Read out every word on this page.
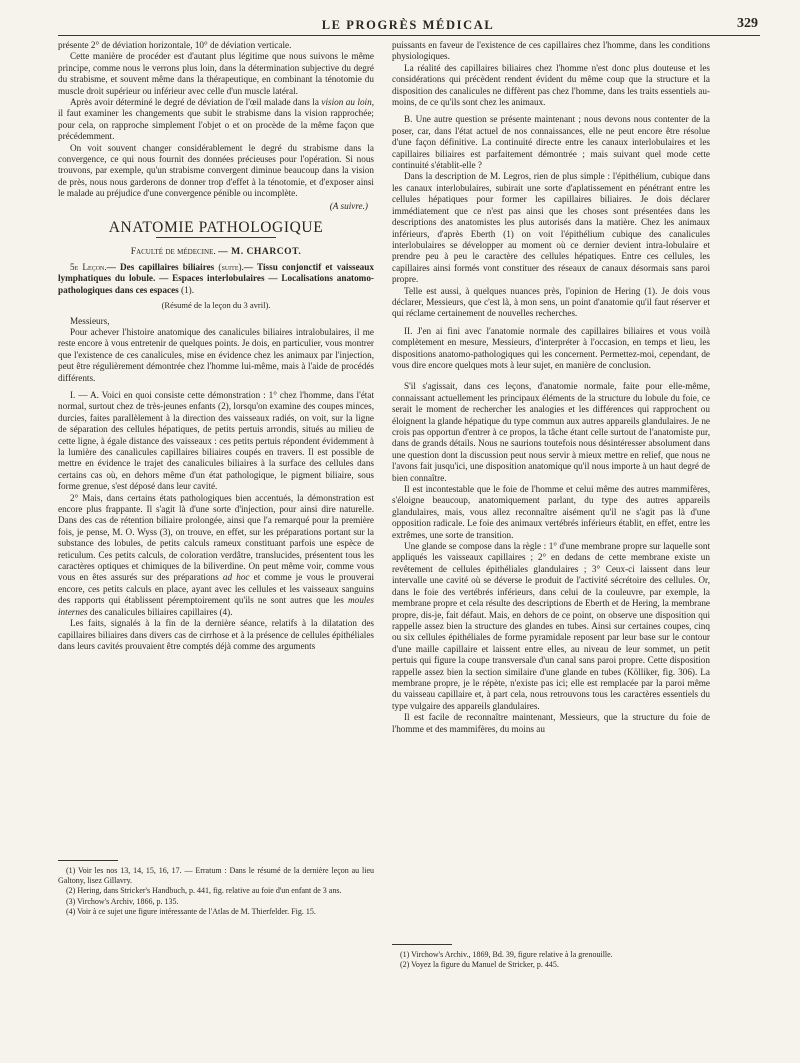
LE PROGRÈS MÉDICAL	329

présente 2° de déviation horizontale, 10° de déviation verticale.

Cette manière de procéder est d'autant plus légitime que nous suivons le même principe, comme nous le verrons plus loin, dans la détermination subjective du degré du strabisme, et souvent même dans la thérapeutique, en combinant la ténotomie du muscle droit supérieur ou inférieur avec celle d'un muscle latéral.

Après avoir déterminé le degré de déviation de l'œil malade dans la vision au loin, il faut examiner les changements que subit le strabisme dans la vision rapprochée; pour cela, on rapproche simplement l'objet o et on procède de la même façon que précédemment.

On voit souvent changer considérablement le degré du strabisme dans la convergence, ce qui nous fournit des données précieuses pour l'opération. Si nous trouvons, par exemple, qu'un strabisme convergent diminue beaucoup dans la vision de près, nous nous garderons de donner trop d'effet à la ténotomie, et d'exposer ainsi le malade au préjudice d'une convergence pénible ou incomplète.

(A suivre.)
ANATOMIE PATHOLOGIQUE
Faculté de médecine. — M. CHARCOT.

5e Leçon.— Des capillaires biliaires (suite).— Tissu conjonctif et vaisseaux lymphatiques du lobule. — Espaces interlobulaires — Localisations anatomo-pathologiques dans ces espaces (1).

(Résumé de la leçon du 3 avril).

Messieurs,

Pour achever l'histoire anatomique des canalicules biliaires intralobulaires, il me reste encore à vous entretenir de quelques points. Je dois, en particulier, vous montrer que l'existence de ces canalicules, mise en évidence chez les animaux par l'injection, peut être régulièrement démontrée chez l'homme lui-même, mais à l'aide de procédés différents.

I. — A. Voici en quoi consiste cette démonstration : 1° chez l'homme, dans l'état normal, surtout chez de très-jeunes enfants (2), lorsqu'on examine des coupes minces, durcies, faites parallèlement à la direction des vaisseaux radiés, on voit, sur la ligne de séparation des cellules hépatiques, de petits pertuis arrondis, situés au milieu de cette ligne, à égale distance des vaisseaux : ces petits pertuis répondent évidemment à la lumière des canalicules capillaires biliaires coupés en travers. Il est possible de mettre en évidence le trajet des canalicules biliaires à la surface des cellules dans certains cas où, en dehors même d'un état pathologique, le pigment biliaire, sous forme grenue, s'est déposé dans leur cavité.

2° Mais, dans certains états pathologiques bien accentués, la démonstration est encore plus frappante. Il s'agit là d'une sorte d'injection, pour ainsi dire naturelle. Dans des cas de rétention biliaire prolongée, ainsi que l'a remarqué pour la première fois, je pense, M. O. Wyss (3), on trouve, en effet, sur les préparations portant sur la substance des lobules, de petits calculs rameux constituant parfois une espèce de reticulum. Ces petits calculs, de coloration verdâtre, translucides, présentent tous les caractères optiques et chimiques de la biliverdine. On peut même voir, comme vous vous en êtes assurés sur des préparations ad hoc et comme je vous le prouverai encore, ces petits calculs en place, ayant avec les cellules et les vaisseaux sanguins des rapports qui établissent péremptoirement qu'ils ne sont autres que les moules internes des canalicules biliaires capillaires (4).

Les faits, signalés à la fin de la dernière séance, relatifs à la dilatation des capillaires biliaires dans divers cas de cirrhose et à la présence de cellules épithéliales dans leurs cavités prouvaient être comptés déjà comme des arguments

(1) Voir les nos 13, 14, 15, 16, 17. — Erratum : Dans le résumé de la dernière leçon au lieu Galtony, lisez Gillavry.

(2) Hering, dans Stricker's Handbuch, p. 441, fig. relative au foie d'un enfant de 3 ans.

(3) Virchow's Archiv, 1866, p. 135.

(4) Voir à ce sujet une figure intéressante de l'Atlas de M. Thierfelder. Fig. 15.

puissants en faveur de l'existence de ces capillaires chez l'homme, dans les conditions physiologiques.

La réalité des capillaires biliaires chez l'homme n'est donc plus douteuse et les considérations qui précèdent rendent évident du même coup que la structure et la disposition des canalicules ne diffèrent pas chez l'homme, dans les traits essentiels au-moins, de ce qu'ils sont chez les animaux.

B. Une autre question se présente maintenant ; nous devons nous contenter de la poser, car, dans l'état actuel de nos connaissances, elle ne peut encore être résolue d'une façon définitive. La continuité directe entre les canaux interlobulaires et les capillaires biliaires est parfaitement démontrée ; mais suivant quel mode cette continuité s'établit-elle ?

Dans la description de M. Legros, rien de plus simple : l'épithélium, cubique dans les canaux interlobulaires, subirait une sorte d'aplatissement en pénétrant entre les cellules hépatiques pour former les capillaires biliaires. Je dois déclarer immédiatement que ce n'est pas ainsi que les choses sont présentées dans les descriptions des anatomistes les plus autorisés dans la matière. Chez les animaux inférieurs, d'après Eberth (1) on voit l'épithélium cubique des canalicules interlobulaires se développer au moment où ce dernier devient intra-lobulaire et prendre peu à peu le caractère des cellules hépatiques. Entre ces cellules, les capillaires ainsi formés vont constituer des réseaux de canaux désormais sans paroi propre.

Telle est aussi, à quelques nuances près, l'opinion de Hering (1). Je dois vous déclarer, Messieurs, que c'est là, à mon sens, un point d'anatomie qu'il faut réserver et qui réclame certainement de nouvelles recherches.

II. J'en ai fini avec l'anatomie normale des capillaires biliaires et vous voilà complètement en mesure, Messieurs, d'interpréter à l'occasion, en temps et lieu, les dispositions anatomo-pathologiques qui les concernent. Permettez-moi, cependant, de vous dire encore quelques mots à leur sujet, en manière de conclusion.

S'il s'agissait, dans ces leçons, d'anatomie normale, faite pour elle-même, connaissant actuellement les principaux éléments de la structure du lobule du foie, ce serait le moment de rechercher les analogies et les différences qui rapprochent ou éloignent la glande hépatique du type commun aux autres appareils glandulaires. Je ne crois pas opportun d'entrer à ce propos, la tâche étant celle surtout de l'anatomiste pur, dans de grands détails. Nous ne saurions toutefois nous désintéresser absolument dans une question dont la discussion peut nous servir à mieux mettre en relief, que nous ne l'avons fait jusqu'ici, une disposition anatomique qu'il nous importe à un haut degré de bien connaître.

Il est incontestable que le foie de l'homme et celui même des autres mammifères, s'éloigne beaucoup, anatomiquement parlant, du type des autres appareils glandulaires, mais, vous allez reconnaître aisément qu'il ne s'agit pas là d'une opposition radicale. Le foie des animaux vertébrés inférieurs établit, en effet, entre les extrêmes, une sorte de transition.

Une glande se compose dans la règle : 1° d'une membrane propre sur laquelle sont appliqués les vaisseaux capillaires ; 2° en dedans de cette membrane existe un revêtement de cellules épithéliales glandulaires ; 3° Ceux-ci laissent dans leur intervalle une cavité où se déverse le produit de l'activité sécrétoire des cellules. Or, dans le foie des vertébrés inférieurs, dans celui de la couleuvre, par exemple, la membrane propre et cela résulte des descriptions de Eberth et de Hering, la membrane propre, dis-je, fait défaut. Mais, en dehors de ce point, on observe une disposition qui rappelle assez bien la structure des glandes en tubes. Ainsi sur certaines coupes, cinq ou six cellules épithéliales de forme pyramidale reposent par leur base sur le contour d'une maille capillaire et laissent entre elles, au niveau de leur sommet, un petit pertuis qui figure la coupe transversale d'un canal sans paroi propre. Cette disposition rappelle assez bien la section similaire d'une glande en tubes (Kölliker, fig. 306). La membrane propre, je le répète, n'existe pas ici; elle est remplacée par la paroi même du vaisseau capillaire et, à part cela, nous retrouvons tous les caractères essentiels du type vulgaire des appareils glandulaires.

Il est facile de reconnaître maintenant, Messieurs, que la structure du foie de l'homme et des mammifères, du moins au

(1) Virchow's Archiv., 1869, Bd. 39, figure relative à la grenouille.

(2) Voyez la figure du Manuel de Stricker, p. 445.
